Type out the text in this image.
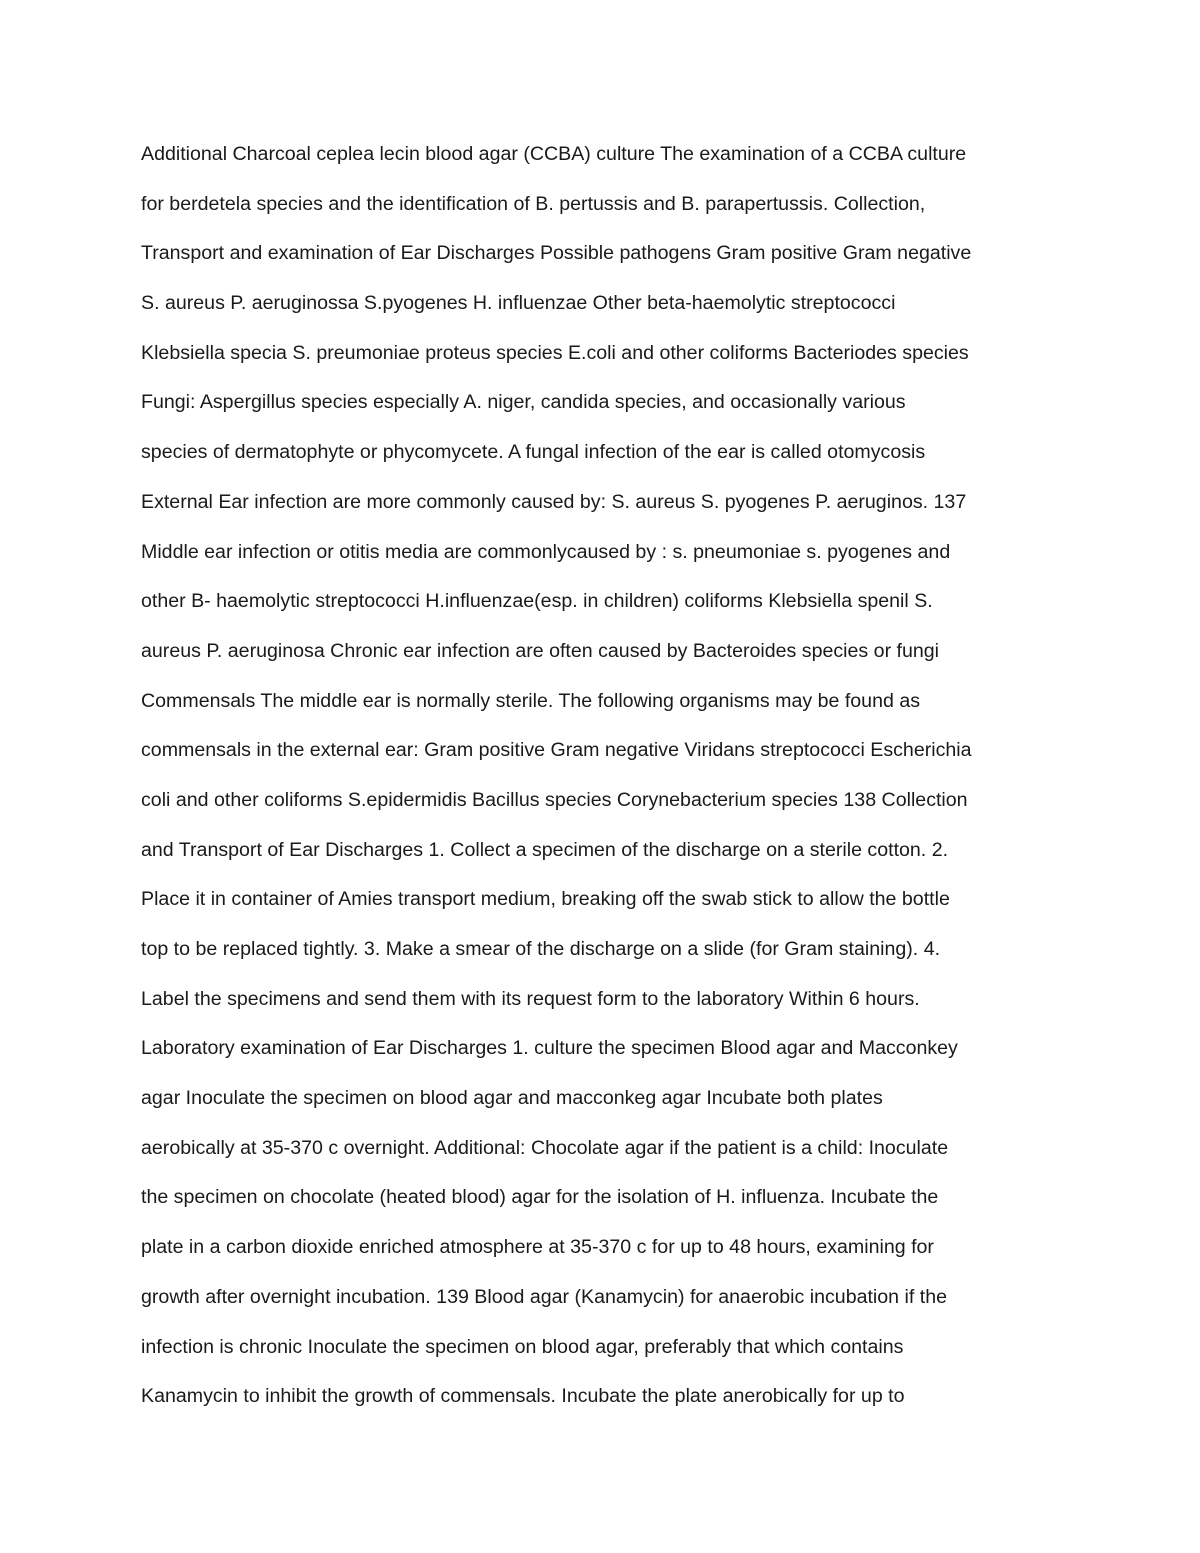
Additional Charcoal ceplea lecin blood agar (CCBA) culture The examination of a CCBA culture
for berdetela species and the identification of B. pertussis and B. parapertussis. Collection,
Transport and examination of Ear Discharges Possible pathogens Gram positive Gram negative
S. aureus P. aeruginossa S.pyogenes H. influenzae Other beta-haemolytic streptococci
Klebsiella specia S. preumoniae proteus species E.coli and other coliforms Bacteriodes species
Fungi: Aspergillus species especially A. niger, candida species, and occasionally various
species of dermatophyte or phycomycete. A fungal infection of the ear is called otomycosis
External Ear infection are more commonly caused by: S. aureus S. pyogenes P. aeruginos. 137
Middle ear infection or otitis media are commonlycaused by : s. pneumoniae s. pyogenes and
other B- haemolytic streptococci H.influenzae(esp. in children) coliforms Klebsiella spenil S.
aureus P. aeruginosa Chronic ear infection are often caused by Bacteroides species or fungi
Commensals The middle ear is normally sterile. The following organisms may be found as
commensals in the external ear: Gram positive Gram negative Viridans streptococci Escherichia
coli and other coliforms S.epidermidis Bacillus species Corynebacterium species 138 Collection
and Transport of Ear Discharges 1. Collect a specimen of the discharge on a sterile cotton. 2.
Place it in container of Amies transport medium, breaking off the swab stick to allow the bottle
top to be replaced tightly. 3. Make a smear of the discharge on a slide (for Gram staining). 4.
Label the specimens and send them with its request form to the laboratory Within 6 hours.
Laboratory examination of Ear Discharges 1. culture the specimen Blood agar and Macconkey
agar Inoculate the specimen on blood agar and macconkeg agar Incubate both plates
aerobically at 35-370 c overnight. Additional: Chocolate agar if the patient is a child: Inoculate
the specimen on chocolate (heated blood) agar for the isolation of H. influenza. Incubate the
plate in a carbon dioxide enriched atmosphere at 35-370 c for up to 48 hours, examining for
growth after overnight incubation. 139 Blood agar (Kanamycin) for anaerobic incubation if the
infection is chronic Inoculate the specimen on blood agar, preferably that which contains
Kanamycin to inhibit the growth of commensals. Incubate the plate anerobically for up to
